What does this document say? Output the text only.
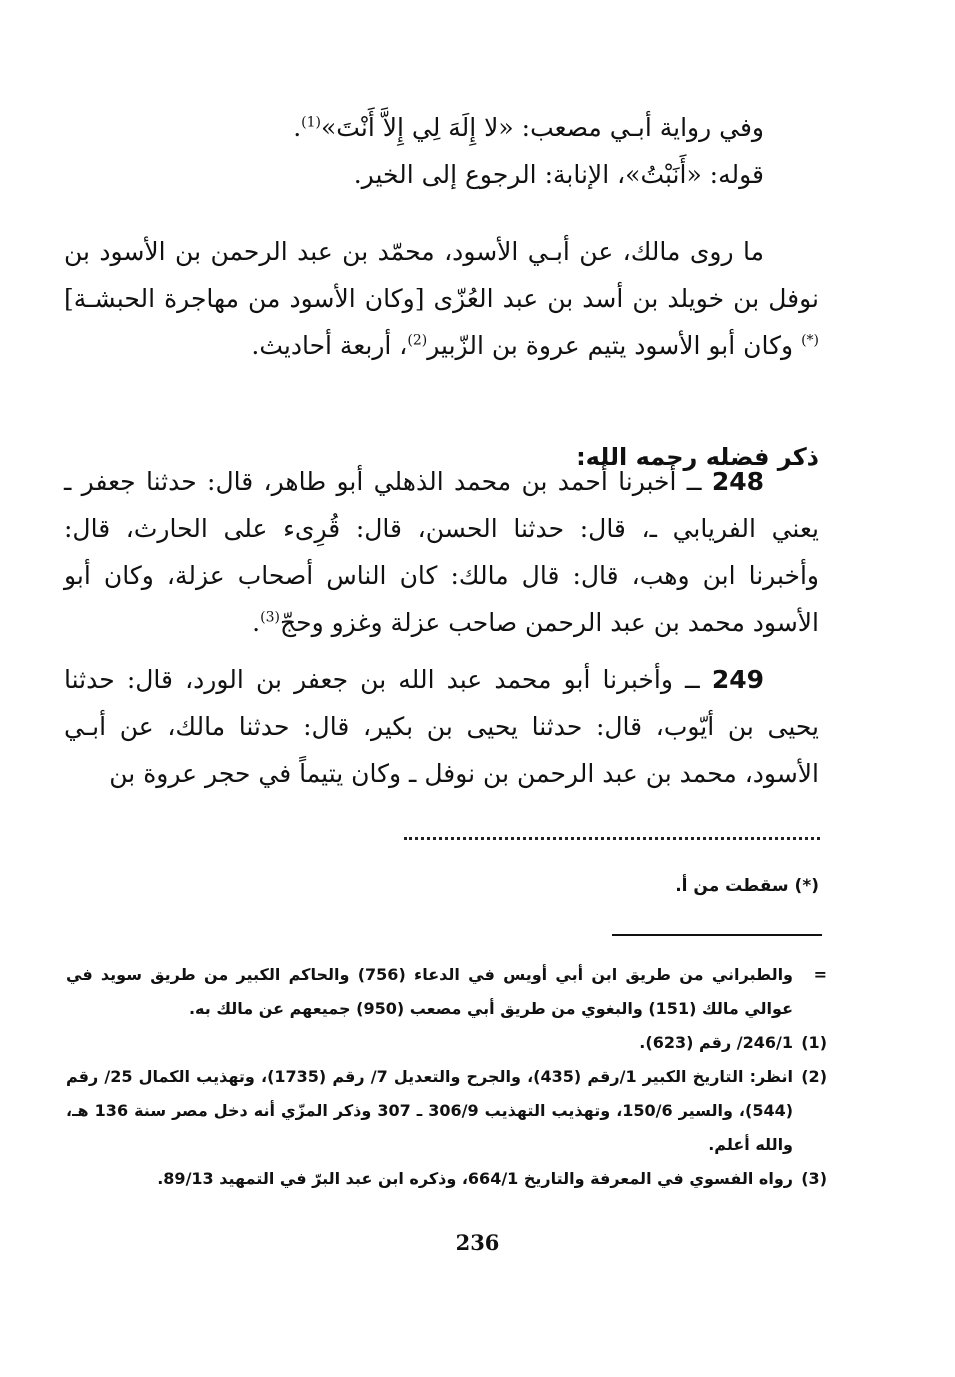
وفي رواية أبـي مصعب: «لا إِلَهَ لِي إِلاَّ أَنْتَ»$^{(1)}$.

قوله: «أَنَبْتُ»، الإنابة: الرجوع إلى الخير.

ما روى مالك، عن أبـي الأسود، محمّد بن عبد الرحمن بن الأسود بن نوفل بن خويلد بن أسد بن عبد العُزّى [وكان الأسود من مهاجرة الحبشـة](*) وكان أبو الأسود يتيم عروة بن الزّبير$^{(2)}$، أربعة أحاديث.

ذكر فضله رحمه الله:

248 ــ أخبرنا أحمد بن محمد الذهلي أبو طاهر، قال: حدثنا جعفر ـ يعني الفريابي ـ، قال: حدثنا الحسن، قال: قُرِىء على الحارث، قال: وأخبرنا ابن وهب، قال: قال مالك: كان الناس أصحاب عزلة، وكان أبو الأسود محمد بن عبد الرحمن صاحب عزلة وغزو وحجّ$^{(3)}$.

249 ــ وأخبرنا أبو محمد عبد الله بن جعفر بن الورد، قال: حدثنا يحيى بن أيّوب، قال: حدثنا يحيى بن بكير، قال: حدثنا مالك، عن أبـي الأسود، محمد بن عبد الرحمن بن نوفل ـ وكان يتيماً في حجر عروة بن

(*) سقطت من أ.

=
والطبراني من طريق ابن أبي أويس في الدعاء (756) والحاكم الكبير من طريق سويد في عوالي مالك (151) والبغوي من طريق أبي مصعب (950) جميعهم عن مالك به.

(1)
246/1/ رقم (623).

(2)
انظر: التاريخ الكبير 1/رقم (435)، والجرح والتعديل 7/ رقم (1735)، وتهذيب الكمال 25/ رقم (544)، والسير 150/6، وتهذيب التهذيب 306/9 ـ 307 وذكر المزّي أنه دخل مصر سنة 136 هـ، والله أعلم.

(3)
رواه الفسوي في المعرفة والتاريخ 664/1، وذكره ابن عبد البرّ في التمهيد 89/13.

236
